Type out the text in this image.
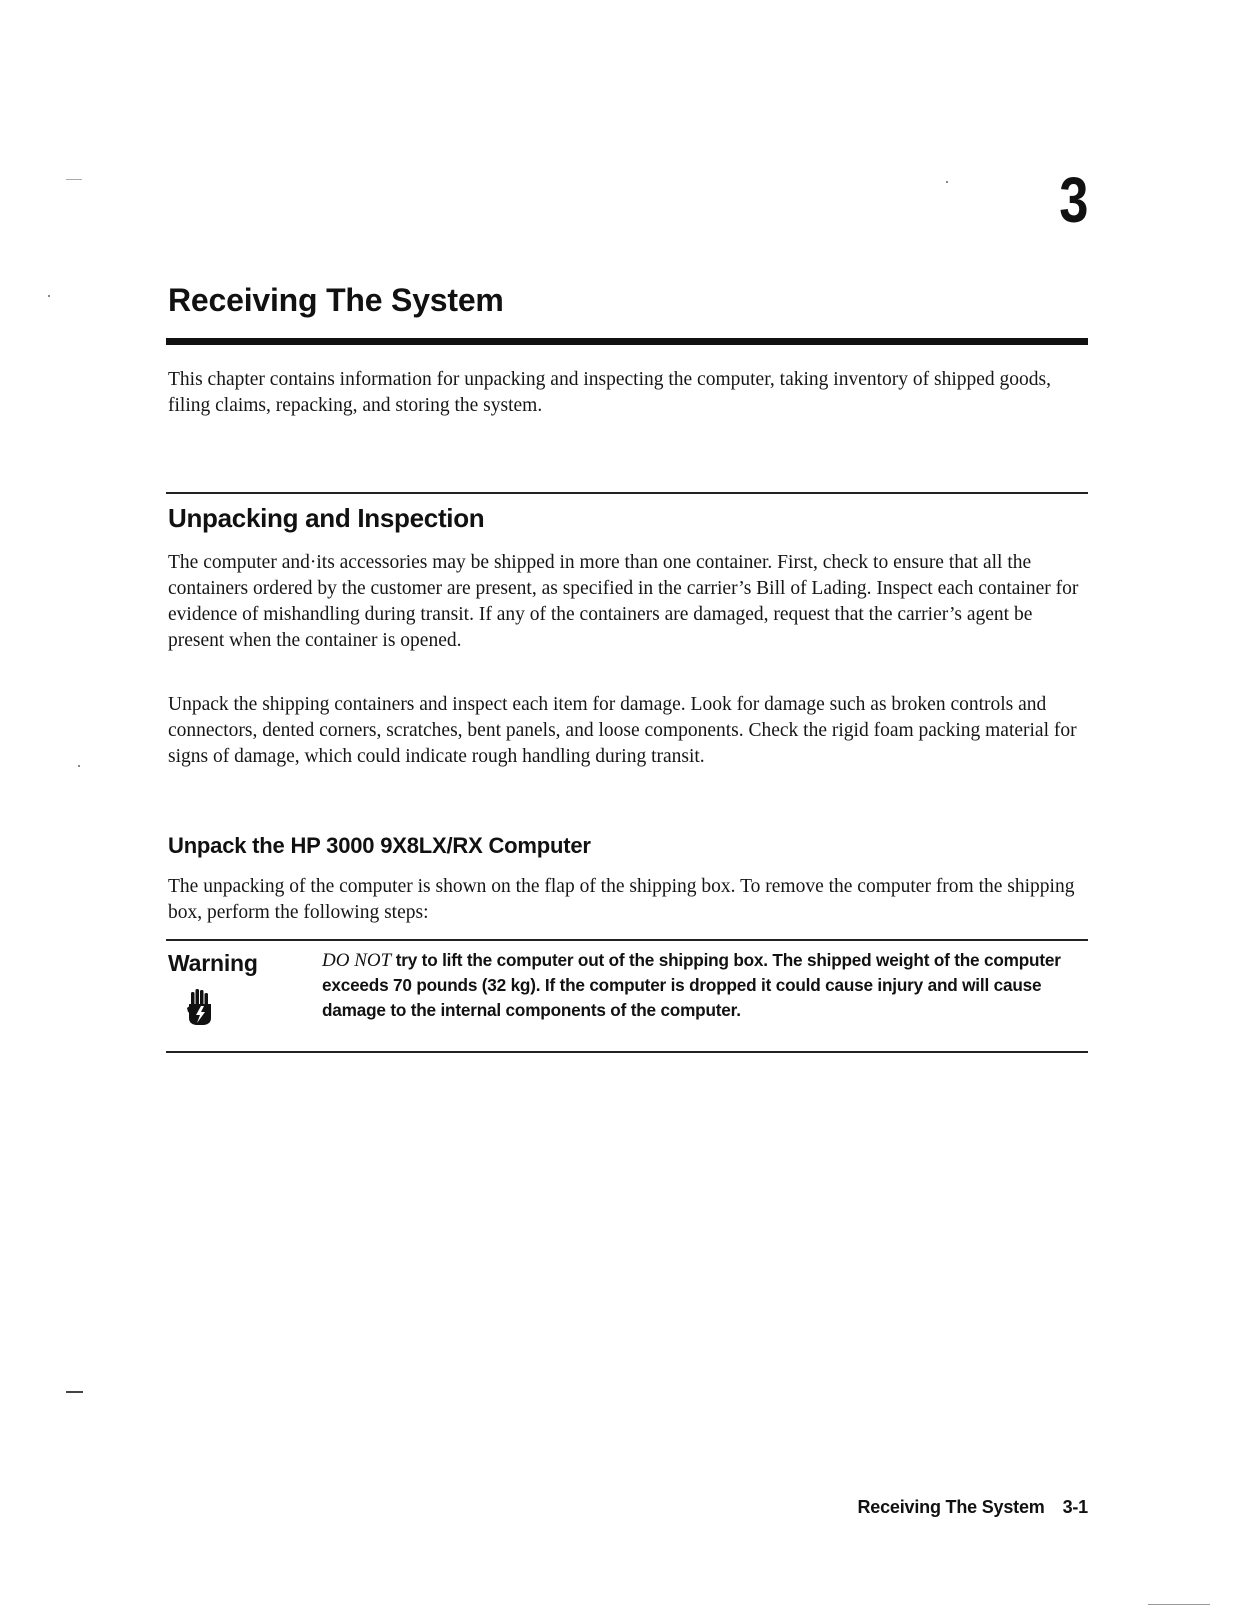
3
Receiving The System

This chapter contains information for unpacking and inspecting the computer, taking inventory of shipped goods, filing claims, repacking, and storing the system.

Unpacking and Inspection

The computer and·its accessories may be shipped in more than one container. First, check to ensure that all the containers ordered by the customer are present, as specified in the carrier’s Bill of Lading. Inspect each container for evidence of mishandling during transit. If any of the containers are damaged, request that the carrier’s agent be present when the container is opened.

Unpack the shipping containers and inspect each item for damage. Look for damage such as broken controls and connectors, dented corners, scratches, bent panels, and loose components. Check the rigid foam packing material for signs of damage, which could indicate rough handling during transit.

Unpack the HP 3000 9X8LX/RX Computer

The unpacking of the computer is shown on the flap of the shipping box. To remove the computer from the shipping box, perform the following steps:

Warning	DO NOT try to lift the computer out of the shipping box. The shipped weight of the computer exceeds 70 pounds (32 kg). If the computer is dropped it could cause injury and will cause damage to the internal components of the computer.

Receiving The System 3-1
